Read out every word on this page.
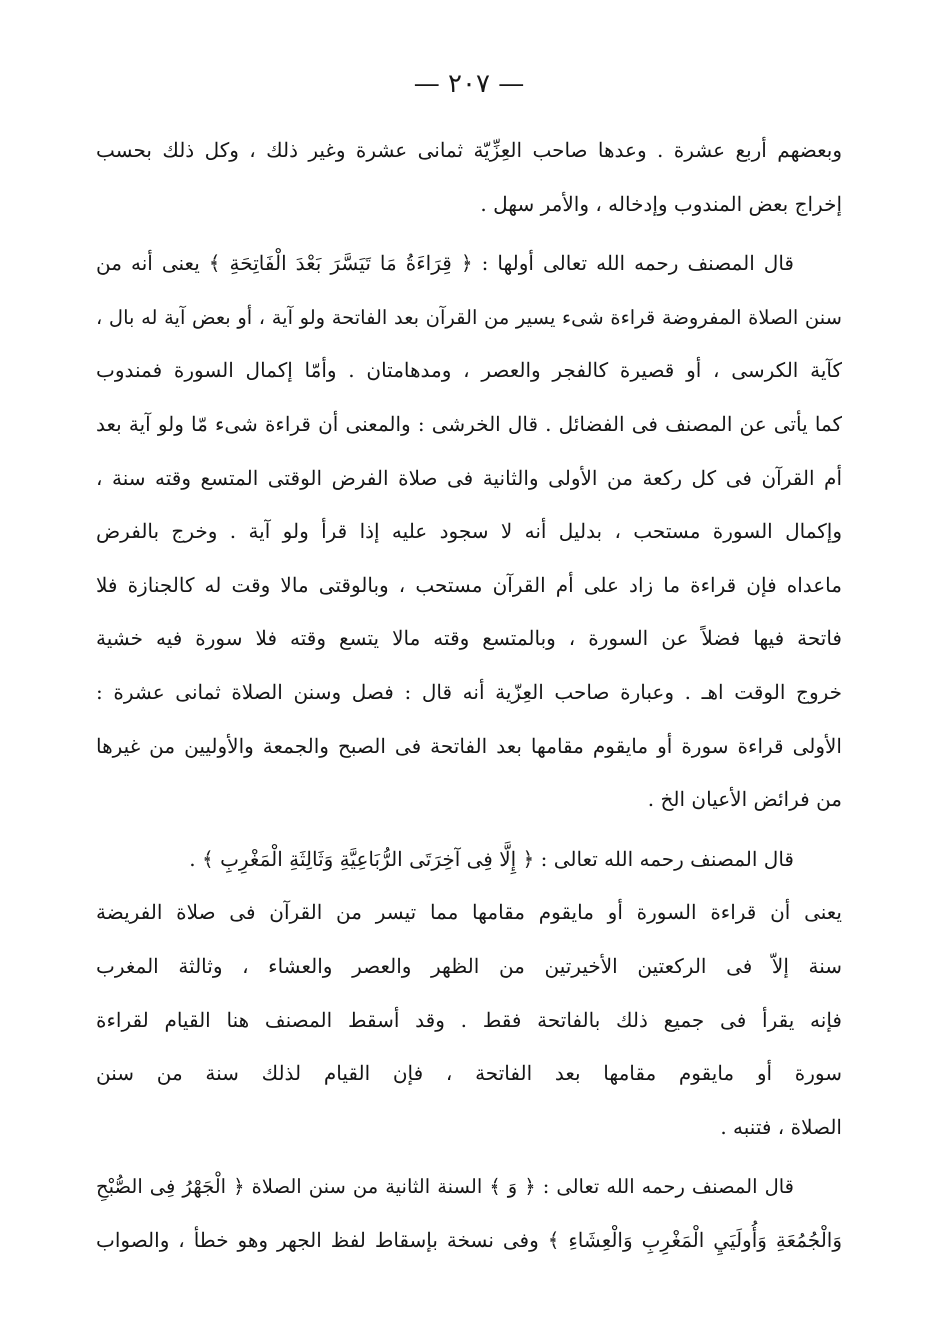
— ٢٠٧ —
وبعضهم أربع عشرة . وعدها صاحب العِزِّيّة ثمانى عشرة وغير ذلك ، وكل ذلك بحسب
إخراج بعض المندوب وإدخاله ، والأمر سهل .
قال المصنف رحمه الله تعالى أولها : ﴿ قِرَاءَةُ مَا تَيَسَّرَ بَعْدَ الْفَاتِحَةِ ﴾ يعنى أنه من
سنن الصلاة المفروضة قراءة شىء يسير من القرآن بعد الفاتحة ولو آية ، أو بعض آية له بال ،
كآية الكرسى ، أو قصيرة كالفجر والعصر ، ومدهامتان . وأمّا إكمال السورة فمندوب
كما يأتى عن المصنف فى الفضائل . قال الخرشى : والمعنى أن قراءة شىء مّا ولو آية بعد
أم القرآن فى كل ركعة من الأولى والثانية فى صلاة الفرض الوقتى المتسع وقته سنة ،
وإكمال السورة مستحب ، بدليل أنه لا سجود عليه إذا قرأ ولو آية . وخرج بالفرض
ماعداه فإن قراءة ما زاد على أم القرآن مستحب ، وبالوقتى مالا وقت له كالجنازة فلا
فاتحة فيها فضلاً عن السورة ، وبالمتسع وقته مالا يتسع وقته فلا سورة فيه خشية
خروج الوقت اهـ . وعبارة صاحب العِزّية أنه قال : فصل وسنن الصلاة ثمانى عشرة :
الأولى قراءة سورة أو مايقوم مقامها بعد الفاتحة فى الصبح والجمعة والأوليين من غيرها
من فرائض الأعيان الخ .
قال المصنف رحمه الله تعالى : ﴿ إِلَّا فِى آخِرَتَى الرُّبَاعِيَّةِ وَثَالِثَةِ الْمَغْرِبِ ﴾ .
يعنى أن قراءة السورة أو مايقوم مقامها مما تيسر من القرآن فى صلاة الفريضة
سنة إلاّ فى الركعتين الأخيرتين من الظهر والعصر والعشاء ، وثالثة المغرب
فإنه يقرأ فى جميع ذلك بالفاتحة فقط . وقد أسقط المصنف هنا القيام لقراءة
سورة أو مايقوم مقامها بعد الفاتحة ، فإن القيام لذلك سنة من سنن
الصلاة ، فتنبه .
قال المصنف رحمه الله تعالى : ﴿ وَ ﴾ السنة الثانية من سنن الصلاة ﴿ الْجَهْرُ فِى الصُّبْحِ
وَالْجُمُعَةِ وَأُولَيَيِ الْمَغْرِبِ وَالْعِشَاءِ ﴾ وفى نسخة بإسقاط لفظ الجهر وهو خطأ ، والصواب
